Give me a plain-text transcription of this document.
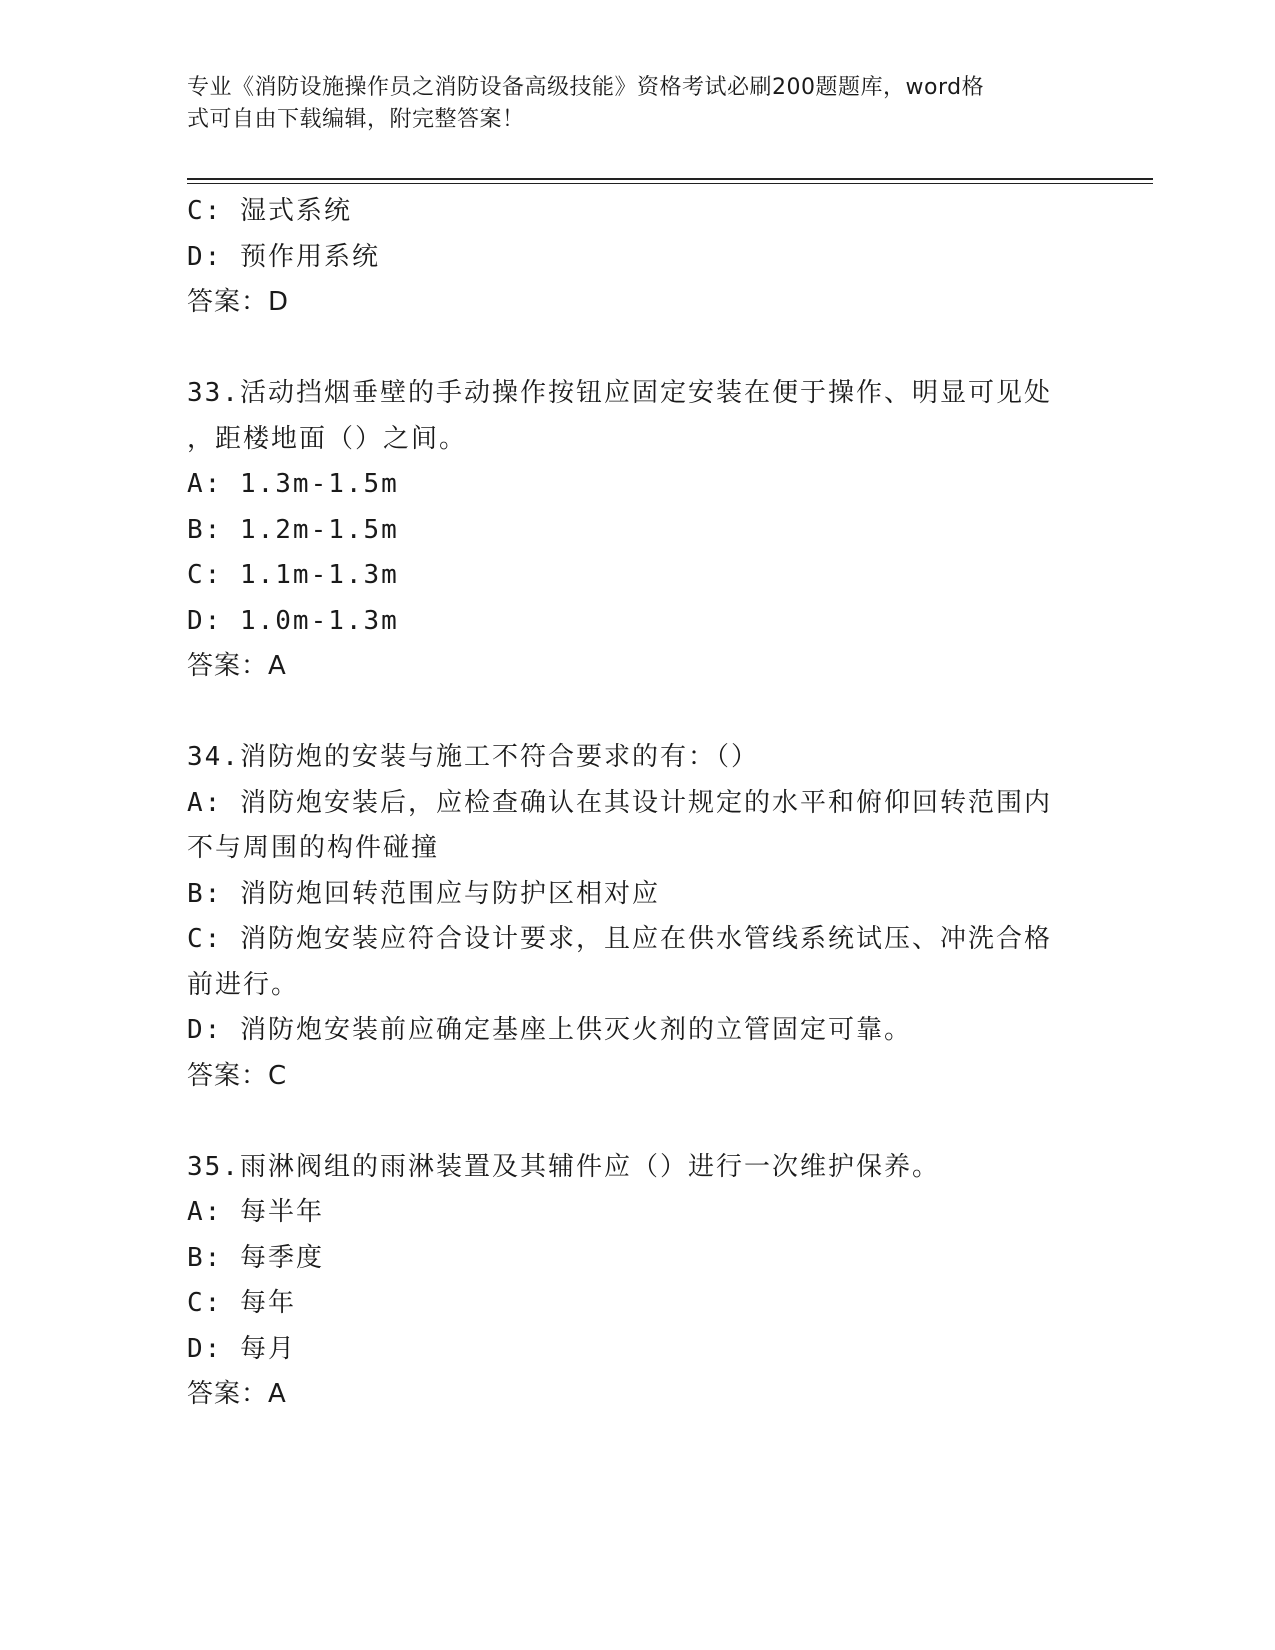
专业《消防设施操作员之消防设备高级技能》资格考试必刷200题题库，word格
式可自由下载编辑，附完整答案！
C: 湿式系统
D: 预作用系统
答案：D
33.活动挡烟垂壁的手动操作按钮应固定安装在便于操作、明显可见处
，距楼地面（）之间。
A: 1.3m-1.5m
B: 1.2m-1.5m
C: 1.1m-1.3m
D: 1.0m-1.3m
答案：A
34.消防炮的安装与施工不符合要求的有：（）
A: 消防炮安装后，应检查确认在其设计规定的水平和俯仰回转范围内
不与周围的构件碰撞
B: 消防炮回转范围应与防护区相对应
C: 消防炮安装应符合设计要求，且应在供水管线系统试压、冲洗合格
前进行。
D: 消防炮安装前应确定基座上供灭火剂的立管固定可靠。
答案：C
35.雨淋阀组的雨淋装置及其辅件应（）进行一次维护保养。
A: 每半年
B: 每季度
C: 每年
D: 每月
答案：A
